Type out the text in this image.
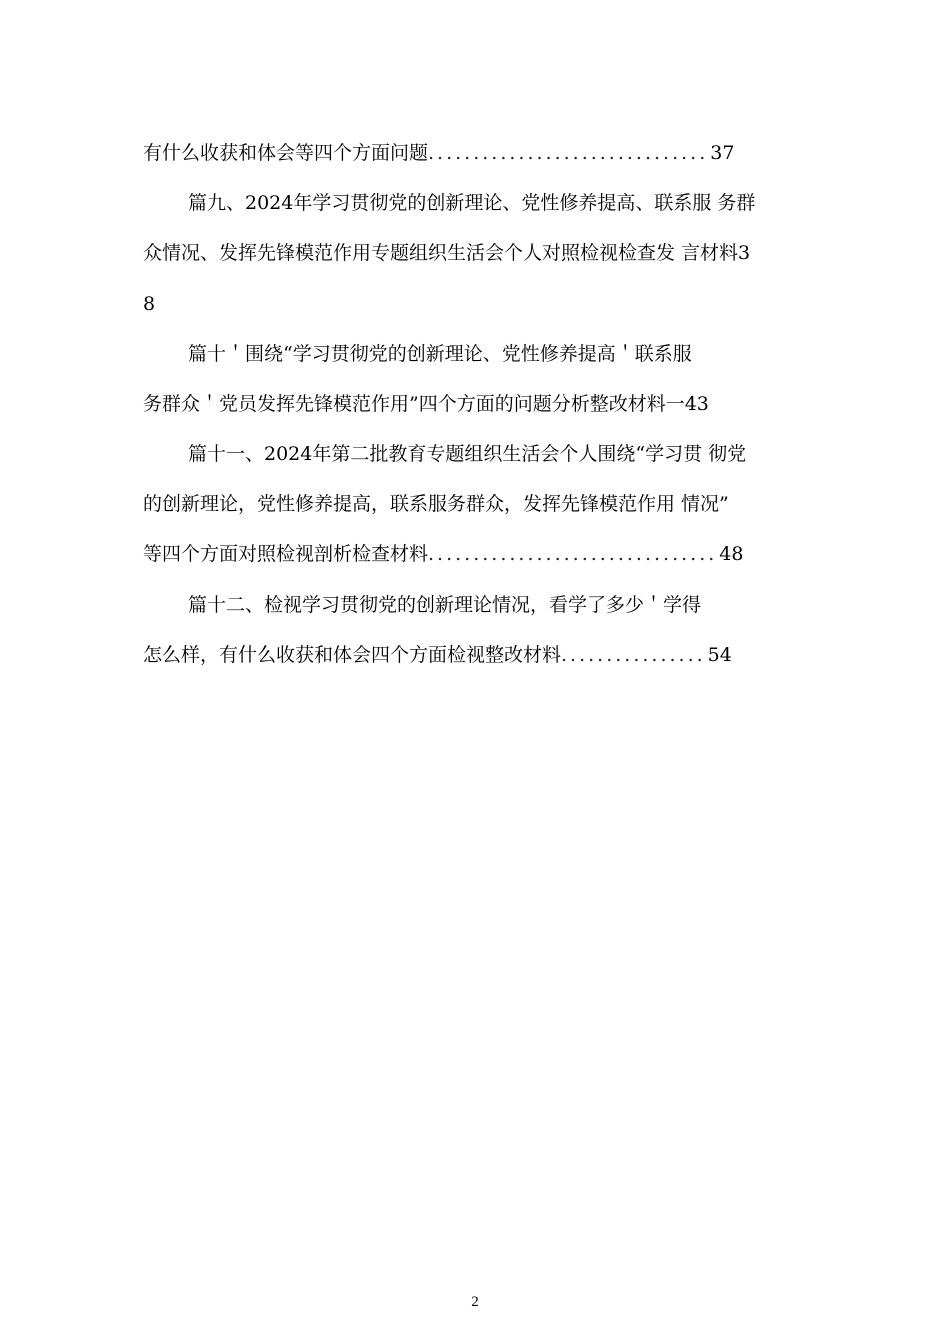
有什么收获和体会等四个方面问题............................... 37
篇九、2024年学习贯彻党的创新理论、党性修养提高、联系服 务群
众情况、发挥先锋模范作用专题组织生活会个人对照检视检查发 言材料3
8
篇十＇围绕“学习贯彻党的创新理论、党性修养提高＇联系服
务群众＇党员发挥先锋模范作用”四个方面的问题分析整改材料一43
篇十一、2024年第二批教育专题组织生活会个人围绕“学习贯 彻党
的创新理论，党性修养提高，联系服务群众，发挥先锋模范作用 情况”
等四个方面对照检视剖析检查材料................................ 48
篇十二、检视学习贯彻党的创新理论情况，看学了多少＇学得
怎么样，有什么收获和体会四个方面检视整改材料................ 54
2
